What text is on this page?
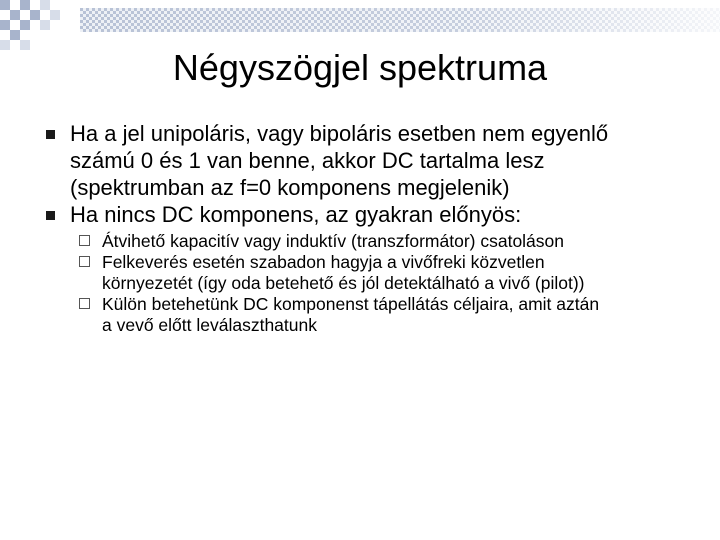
Négyszögjel spektruma
Ha a jel unipoláris, vagy bipoláris esetben nem egyenlő
számú 0 és 1 van benne, akkor DC tartalma lesz
(spektrumban az f=0 komponens megjelenik)
Ha nincs DC komponens, az gyakran előnyös:
Átvihető kapacitív vagy induktív (transzformátor) csatoláson
Felkeverés esetén szabadon hagyja a vivőfreki közvetlen
környezetét (így oda betehető és jól detektálható a vivő (pilot))
Külön betehetünk DC komponenst tápellátás céljaira, amit aztán
a vevő előtt leválaszthatunk
